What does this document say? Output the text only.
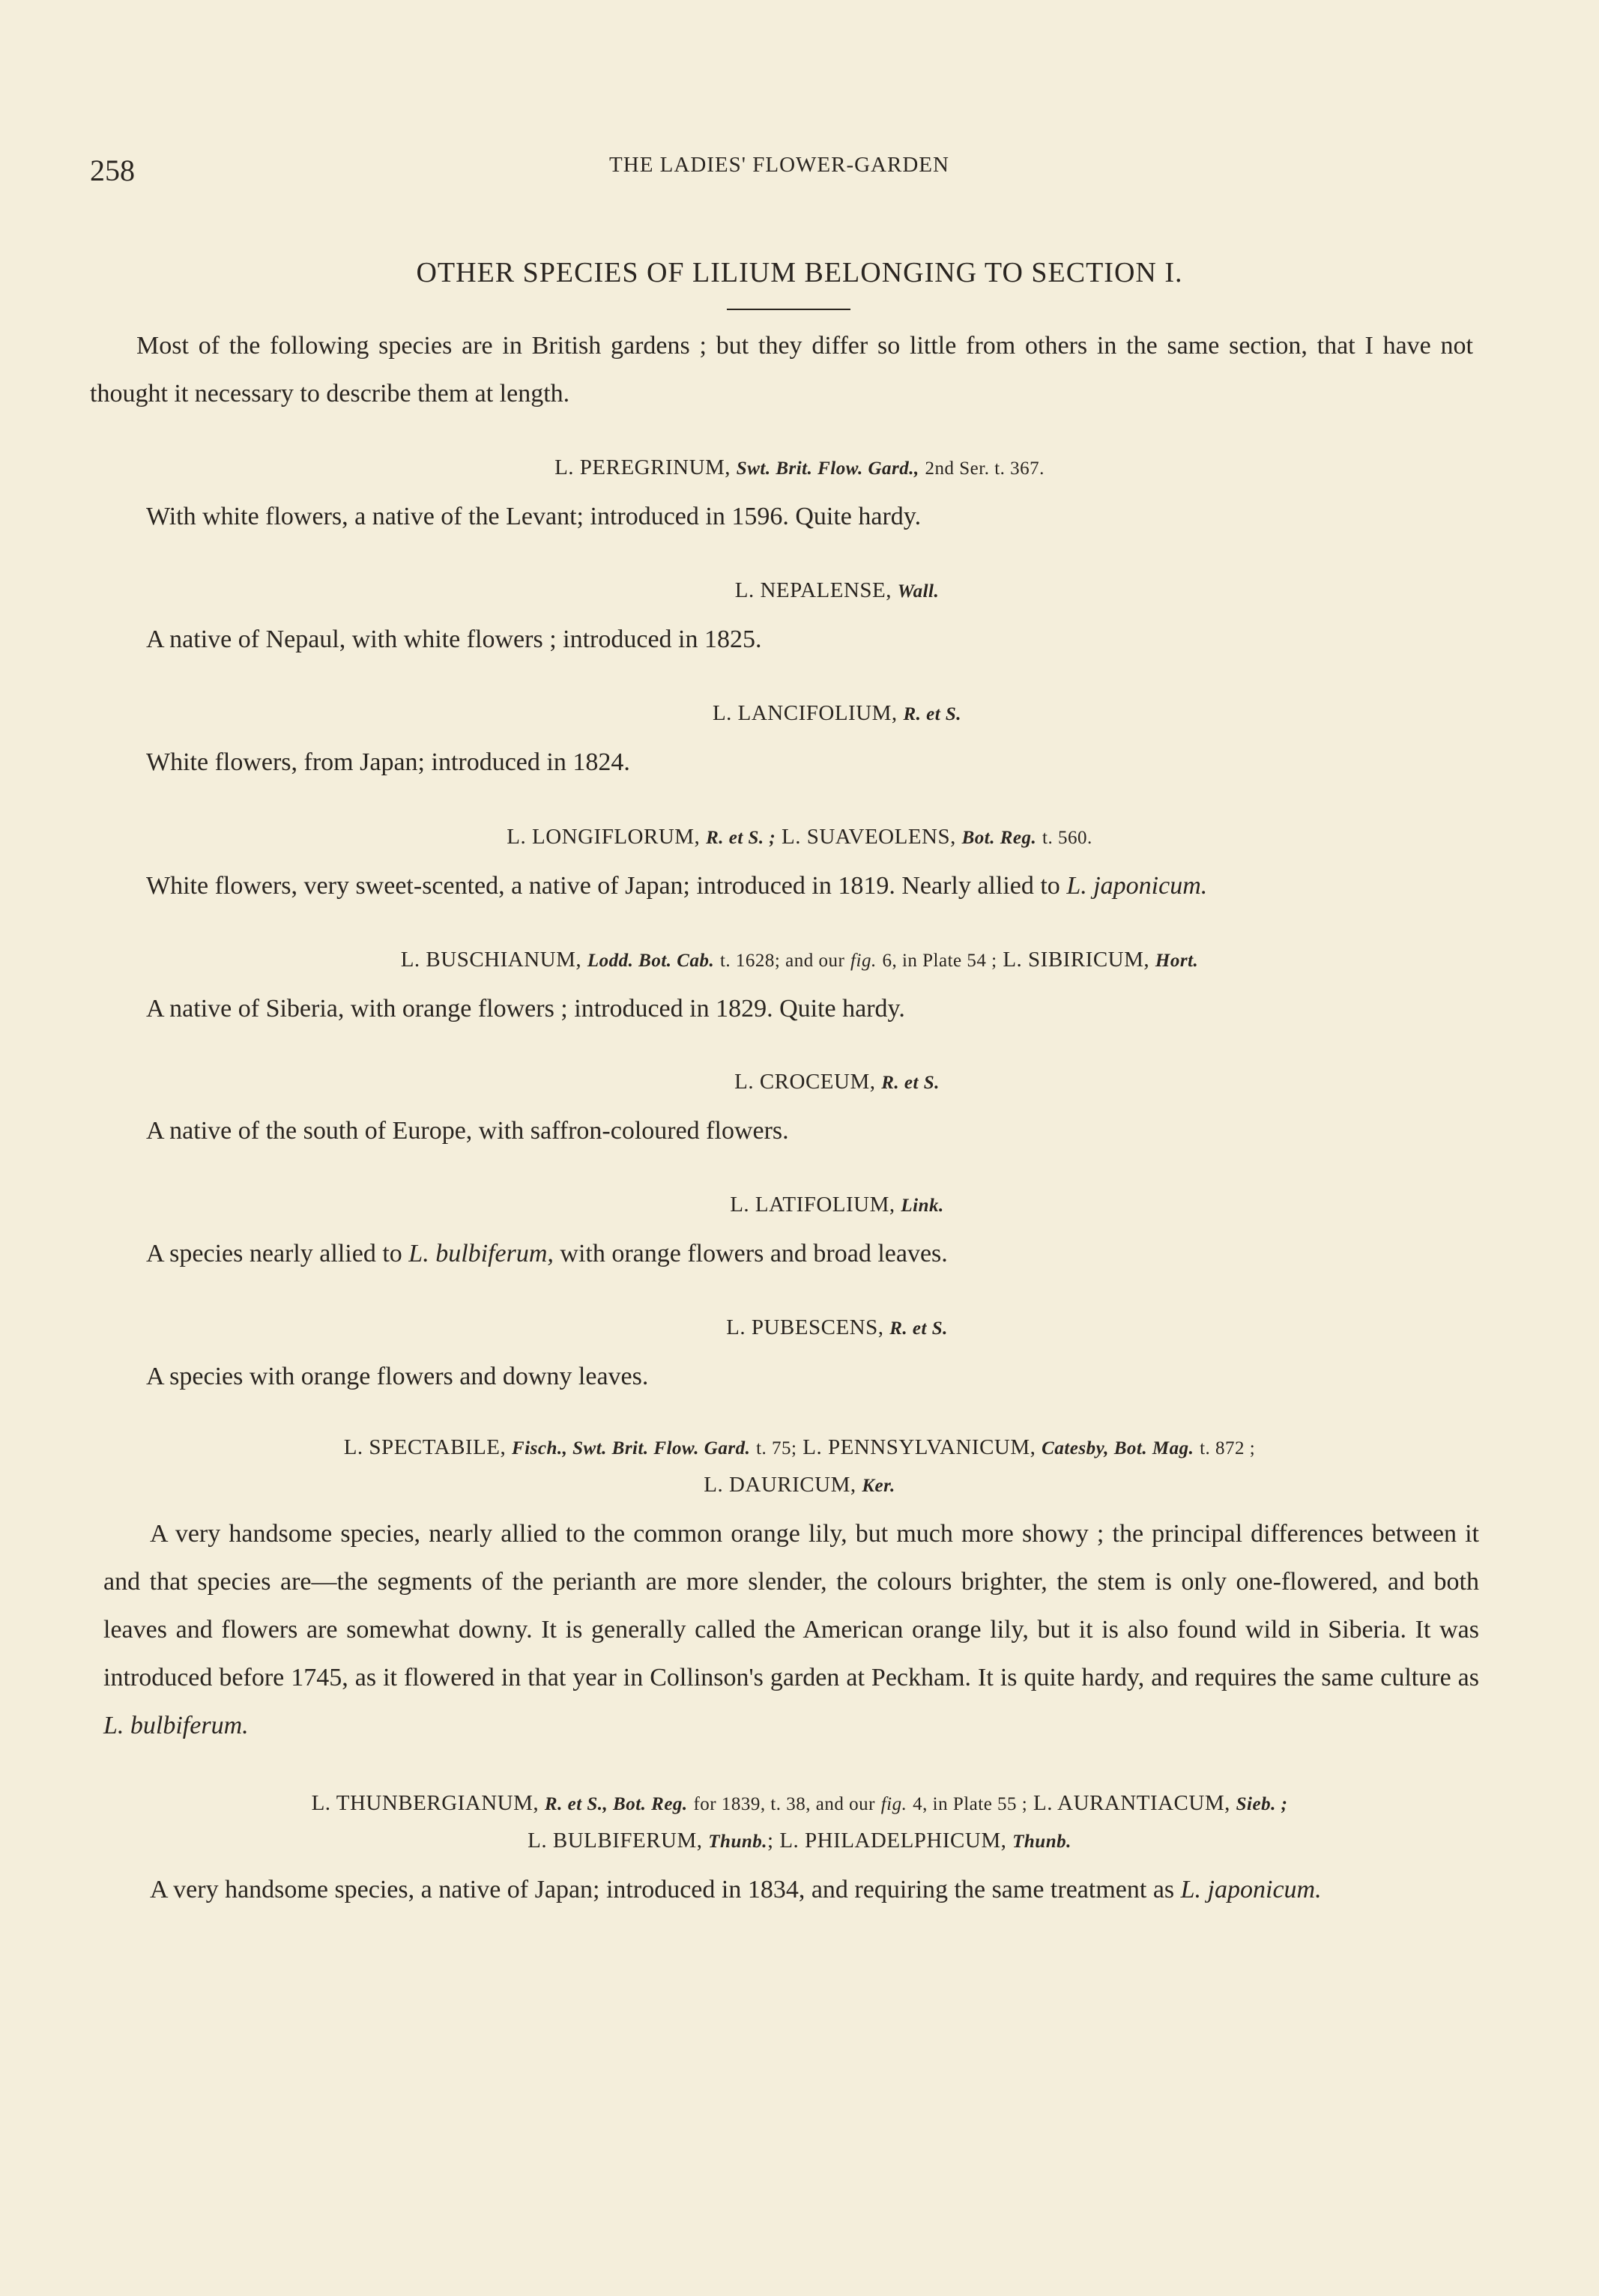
258	THE LADIES' FLOWER-GARDEN
OTHER SPECIES OF LILIUM BELONGING TO SECTION I.

Most of the following species are in British gardens ; but they differ so little from others in the same section, that I have not thought it necessary to describe them at length.

L. PEREGRINUM, Swt. Brit. Flow. Gard., 2nd Ser. t. 367.

With white flowers, a native of the Levant; introduced in 1596. Quite hardy.

L. NEPALENSE, Wall.

A native of Nepaul, with white flowers ; introduced in 1825.

L. LANCIFOLIUM, R. et S.

White flowers, from Japan; introduced in 1824.

L. LONGIFLORUM, R. et S. ; L. SUAVEOLENS, Bot. Reg. t. 560.

White flowers, very sweet-scented, a native of Japan; introduced in 1819. Nearly allied to L. japonicum.

L. BUSCHIANUM, Lodd. Bot. Cab. t. 1628; and our fig. 6, in Plate 54 ; L. SIBIRICUM, Hort.

A native of Siberia, with orange flowers ; introduced in 1829. Quite hardy.

L. CROCEUM, R. et S.

A native of the south of Europe, with saffron-coloured flowers.

L. LATIFOLIUM, Link.

A species nearly allied to L. bulbiferum, with orange flowers and broad leaves.

L. PUBESCENS, R. et S.

A species with orange flowers and downy leaves.

L. SPECTABILE, Fisch., Swt. Brit. Flow. Gard. t. 75; L. PENNSYLVANICUM, Catesby, Bot. Mag. t. 872 ;
L. DAURICUM, Ker.

A very handsome species, nearly allied to the common orange lily, but much more showy ; the principal differences between it and that species are—the segments of the perianth are more slender, the colours brighter, the stem is only one-flowered, and both leaves and flowers are somewhat downy. It is generally called the American orange lily, but it is also found wild in Siberia. It was introduced before 1745, as it flowered in that year in Collinson's garden at Peckham. It is quite hardy, and requires the same culture as L. bulbiferum.

L. THUNBERGIANUM, R. et S., Bot. Reg. for 1839, t. 38, and our fig. 4, in Plate 55 ; L. AURANTIACUM, Sieb. ;
L. BULBIFERUM, Thunb.; L. PHILADELPHICUM, Thunb.

A very handsome species, a native of Japan; introduced in 1834, and requiring the same treatment as L. japonicum.
